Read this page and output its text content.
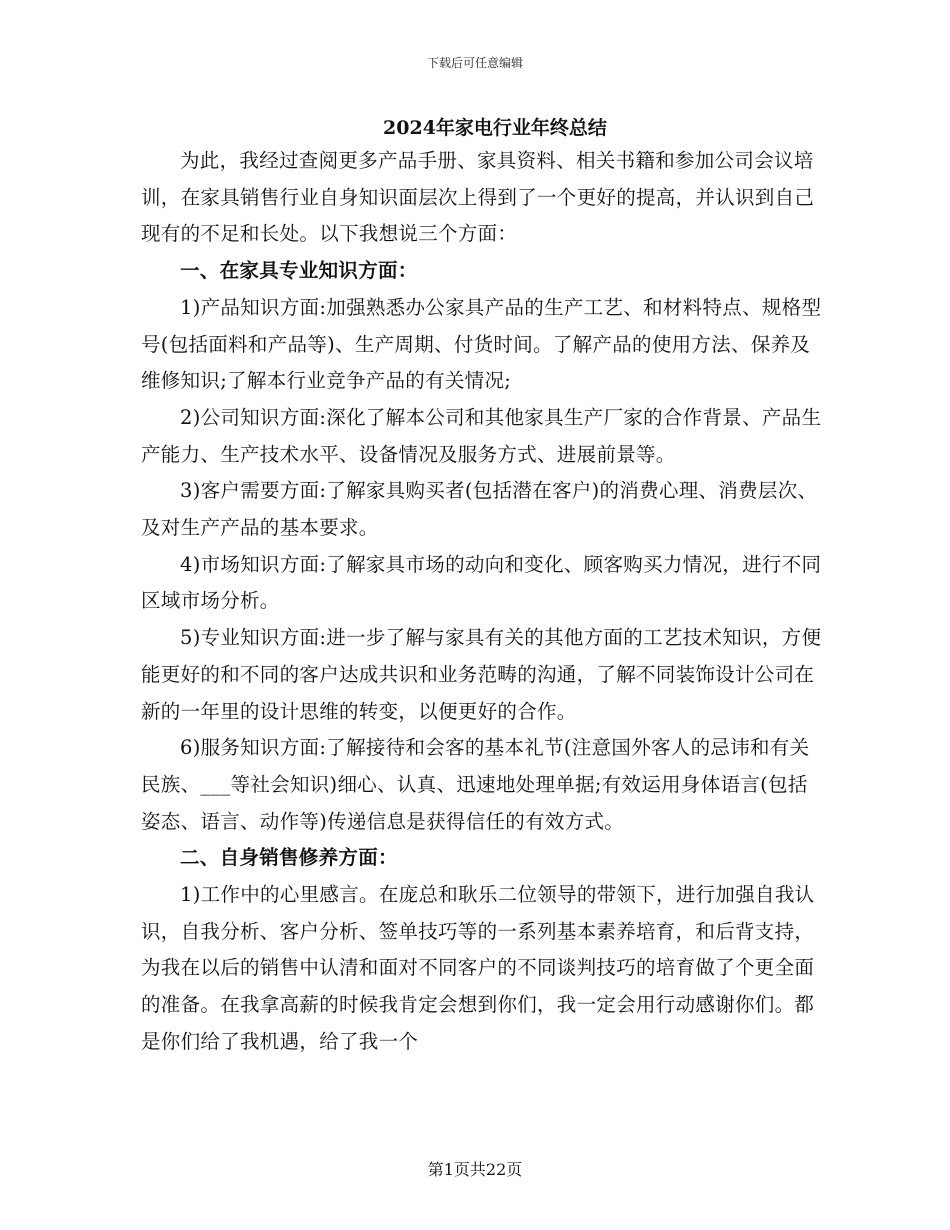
下载后可任意编辑
2024年家电行业年终总结

为此，我经过查阅更多产品手册、家具资料、相关书籍和参加公司会议培训，在家具销售行业自身知识面层次上得到了一个更好的提高，并认识到自己现有的不足和长处。以下我想说三个方面：

一、在家具专业知识方面：

1)产品知识方面:加强熟悉办公家具产品的生产工艺、和材料特点、规格型号(包括面料和产品等)、生产周期、付货时间。了解产品的使用方法、保养及维修知识;了解本行业竞争产品的有关情况;

2)公司知识方面:深化了解本公司和其他家具生产厂家的合作背景、产品生产能力、生产技术水平、设备情况及服务方式、进展前景等。

3)客户需要方面:了解家具购买者(包括潜在客户)的消费心理、消费层次、及对生产产品的基本要求。

4)市场知识方面:了解家具市场的动向和变化、顾客购买力情况，进行不同区域市场分析。

5)专业知识方面:进一步了解与家具有关的其他方面的工艺技术知识，方便能更好的和不同的客户达成共识和业务范畴的沟通，了解不同装饰设计公司在新的一年里的设计思维的转变，以便更好的合作。

6)服务知识方面:了解接待和会客的基本礼节(注意国外客人的忌讳和有关民族、___等社会知识)细心、认真、迅速地处理单据;有效运用身体语言(包括姿态、语言、动作等)传递信息是获得信任的有效方式。

二、自身销售修养方面：

1)工作中的心里感言。在庞总和耿乐二位领导的带领下，进行加强自我认识，自我分析、客户分析、签单技巧等的一系列基本素养培育，和后背支持，为我在以后的销售中认清和面对不同客户的不同谈判技巧的培育做了个更全面的准备。在我拿高薪的时候我肯定会想到你们，我一定会用行动感谢你们。都是你们给了我机遇，给了我一个

第1页共22页
